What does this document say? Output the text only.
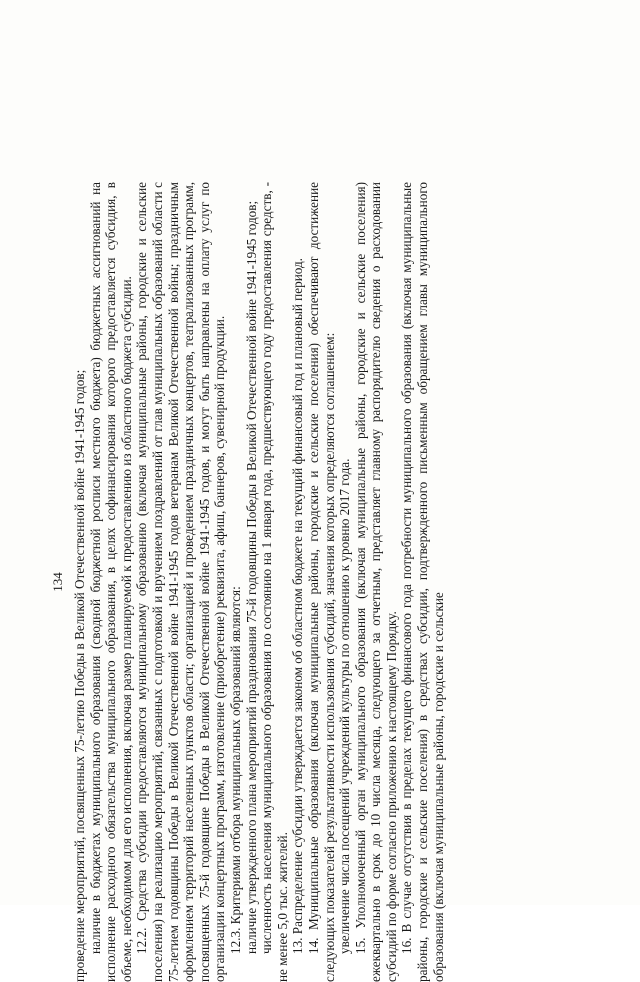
134 проведение мероприятий, посвященных 75-летию Победы в Великой Отечественной войне 1941-1945 годов; наличие в бюджетах муниципального образования (сводной бюджетной росписи местного бюджета) бюджетных ассигнований на исполнение расходного обязательства муниципального образования, в целях софинансирования которого предоставляется субсидия, в объеме, необходимом для его исполнения, включая размер планируемой к предоставлению из областного бюджета субсидии. 12.2. Средства субсидии предоставляются муниципальному образованию (включая муниципальные районы, городские и сельские поселения) на реализацию мероприятий, связанных с подготовкой и вручением поздравлений от глав муниципальных образований области с 75-летием годовщины Победы в Великой Отечественной войне 1941-1945 годов ветеранам Великой Отечественной войны; праздничным оформлением территорий населенных пунктов области; организацией и проведением праздничных концертов, театрализованных программ, посвященных 75-й годовщине Победы в Великой Отечественной войне 1941-1945 годов, и могут быть направлены на оплату услуг по организации концертных программ, изготовление (приобретение) реквизита, афиш, баннеров, сувенирной продукции. 12.3. Критериями отбора муниципальных образований являются: наличие утвержденного плана мероприятий празднования 75-й годовщины Победы в Великой Отечественной войне 1941-1945 годов; численность населения муниципального образования по состоянию на 1 января года, предшествующего году предоставления средств, - не менее 5,0 тыс. жителей. 13. Распределение субсидии утверждается законом об областном бюджете на текущий финансовый год и плановый период. 14. Муниципальные образования (включая муниципальные районы, городские и сельские поселения) обеспечивают достижение следующих показателей результативности использования субсидий, значения которых определяются соглашением: увеличение числа посещений учреждений культуры по отношению к уровню 2017 года. 15. Уполномоченный орган муниципального образования (включая муниципальные районы, городские и сельские поселения) ежеквартально в срок до 10 числа месяца, следующего за отчетным, представляет главному распорядителю сведения о расходовании субсидий по форме согласно приложению к настоящему Порядку. 16. В случае отсутствия в пределах текущего финансового года потребности муниципального образования (включая муниципальные районы, городские и сельские поселения) в средствах субсидии, подтвержденного письменным обращением главы муниципального образования (включая муниципальные районы, городские и сельские
